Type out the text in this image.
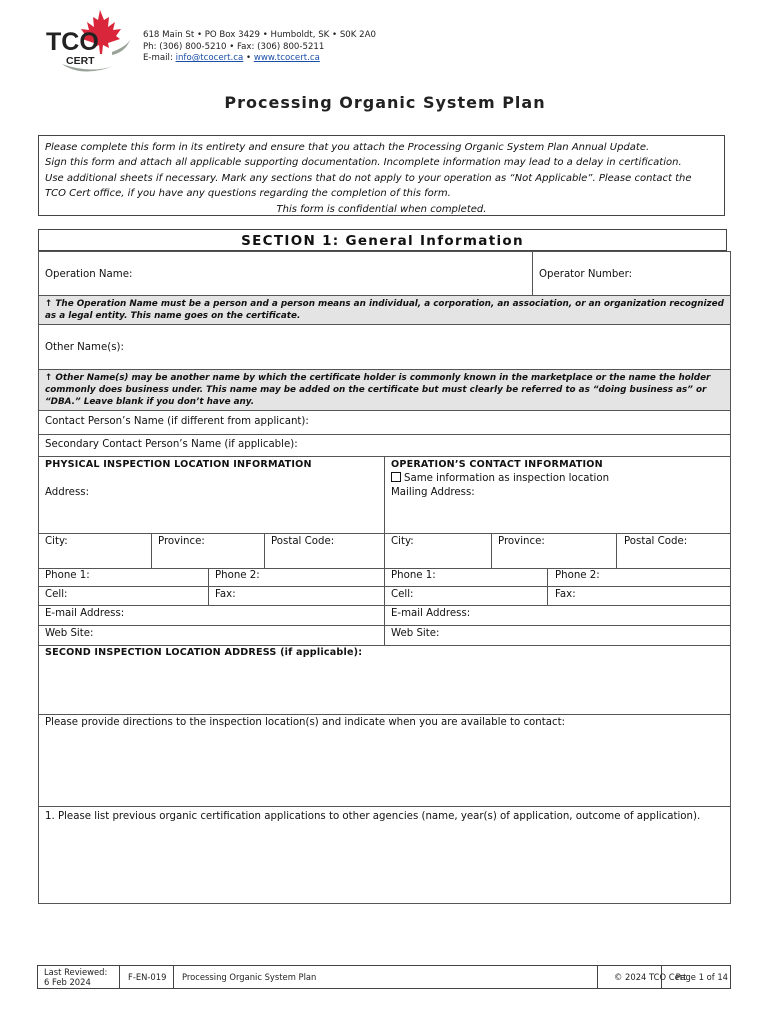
TCO
CERT
618 Main St • PO Box 3429 • Humboldt, SK • S0K 2A0
Ph: (306) 800-5210 • Fax: (306) 800-5211
E-mail: info@tcocert.ca • www.tcocert.ca
Processing Organic System Plan
Please complete this form in its entirety and ensure that you attach the Processing Organic System Plan Annual Update.
Sign this form and attach all applicable supporting documentation. Incomplete information may lead to a delay in certification.
Use additional sheets if necessary. Mark any sections that do not apply to your operation as “Not Applicable”. Please contact the
TCO Cert office, if you have any questions regarding the completion of this form.
This form is confidential when completed.
SECTION 1: General Information
Operation Name:	Operator Number:
↑ The Operation Name must be a person and a person means an individual, a corporation, an association, or an organization recognized as a legal entity. This name goes on the certificate.
Other Name(s):
↑ Other Name(s) may be another name by which the certificate holder is commonly known in the marketplace or the name the holder commonly does business under. This name may be added on the certificate but must clearly be referred to as “doing business as” or “DBA.” Leave blank if you don’t have any.
Contact Person’s Name (if different from applicant):
Secondary Contact Person’s Name (if applicable):
PHYSICAL INSPECTION LOCATION INFORMATION
Address:
OPERATION’S CONTACT INFORMATION
Same information as inspection location
Mailing Address:
City:	Province:	Postal Code:	City:	Province:	Postal Code:
Phone 1:	Phone 2:	Phone 1:	Phone 2:
Cell:	Fax:	Cell:	Fax:
E-mail Address:	E-mail Address:
Web Site:	Web Site:
SECOND INSPECTION LOCATION ADDRESS (if applicable):
Please provide directions to the inspection location(s) and indicate when you are available to contact:
1. Please list previous organic certification applications to other agencies (name, year(s) of application, outcome of application).
Last Reviewed:
6 Feb 2024	F-EN-019	Processing Organic System Plan	© 2024 TCO Cert
Page 1 of 14
